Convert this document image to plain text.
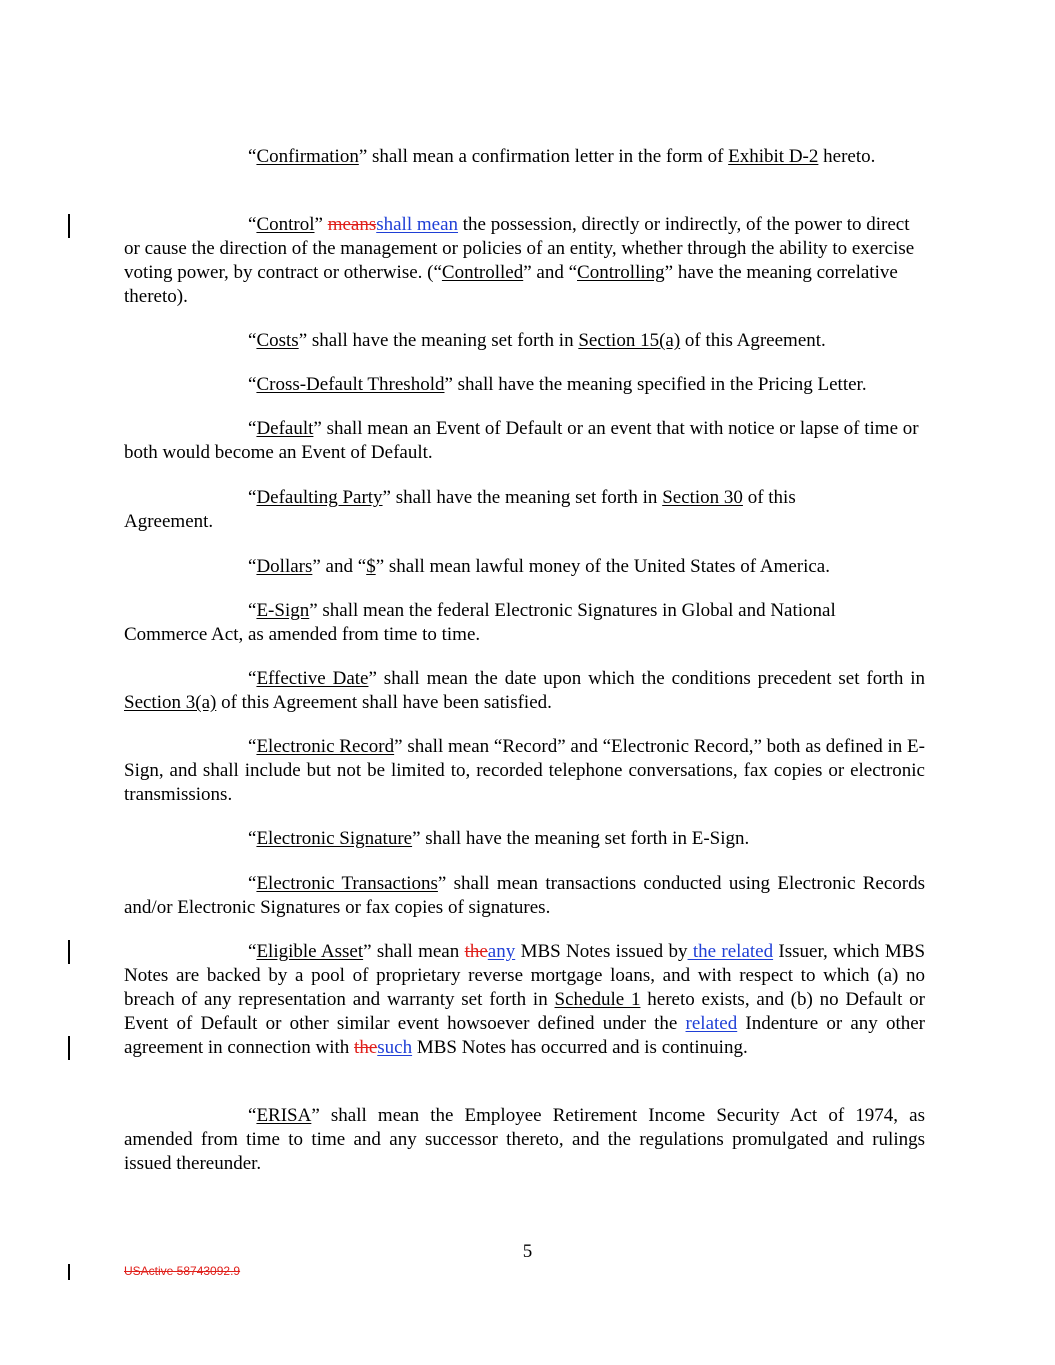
“Confirmation” shall mean a confirmation letter in the form of Exhibit D-2 hereto.

“Control” meansshall mean the possession, directly or indirectly, of the power to direct or cause the direction of the management or policies of an entity, whether through the ability to exercise voting power, by contract or otherwise. (“Controlled” and “Controlling” have the meaning correlative thereto).

“Costs” shall have the meaning set forth in Section 15(a) of this Agreement.

“Cross-Default Threshold” shall have the meaning specified in the Pricing Letter.

“Default” shall mean an Event of Default or an event that with notice or lapse of time or both would become an Event of Default.

“Defaulting Party” shall have the meaning set forth in Section 30 of this Agreement.

“Dollars” and “$” shall mean lawful money of the United States of America.

“E-Sign” shall mean the federal Electronic Signatures in Global and National Commerce Act, as amended from time to time.

“Effective Date” shall mean the date upon which the conditions precedent set forth in Section 3(a) of this Agreement shall have been satisfied.

“Electronic Record” shall mean “Record” and “Electronic Record,” both as defined in E-Sign, and shall include but not be limited to, recorded telephone conversations, fax copies or electronic transmissions.

“Electronic Signature” shall have the meaning set forth in E-Sign.

“Electronic Transactions” shall mean transactions conducted using Electronic Records and/or Electronic Signatures or fax copies of signatures.

“Eligible Asset” shall mean theany MBS Notes issued by the related Issuer, which MBS Notes are backed by a pool of proprietary reverse mortgage loans, and with respect to which (a) no breach of any representation and warranty set forth in Schedule 1 hereto exists, and (b) no Default or Event of Default or other similar event howsoever defined under the related Indenture or any other agreement in connection with thesuch MBS Notes has occurred and is continuing.

“ERISA” shall mean the Employee Retirement Income Security Act of 1974, as amended from time to time and any successor thereto, and the regulations promulgated and rulings issued thereunder.

5
USActive 58743092.9
